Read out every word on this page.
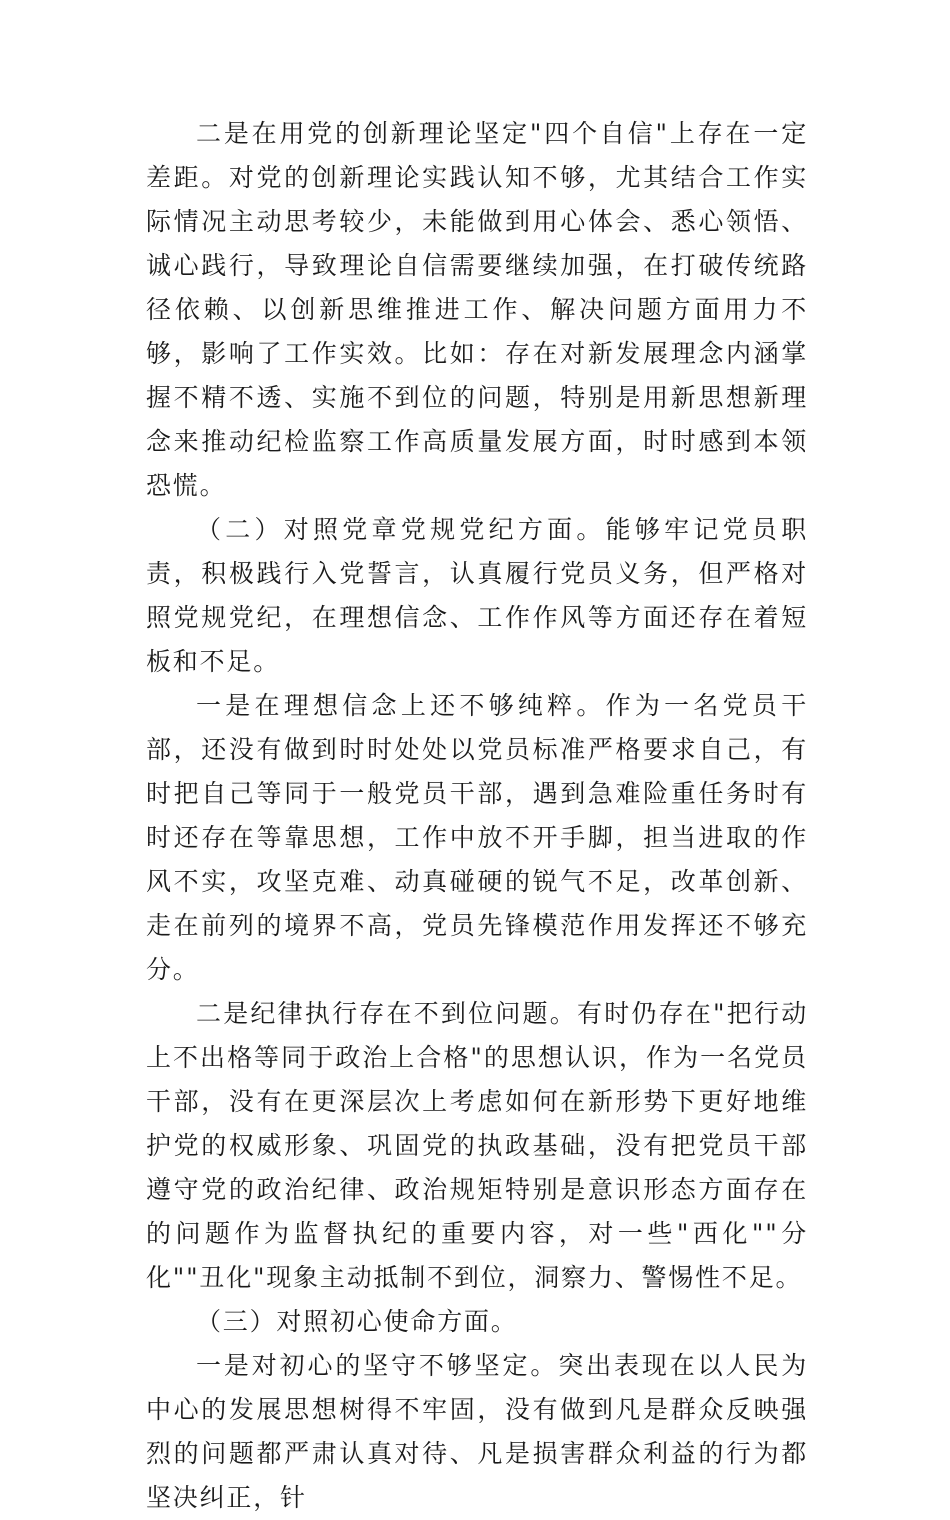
二是在用党的创新理论坚定"四个自信"上存在一定差距。对党的创新理论实践认知不够，尤其结合工作实际情况主动思考较少，未能做到用心体会、悉心领悟、诚心践行，导致理论自信需要继续加强，在打破传统路径依赖、以创新思维推进工作、解决问题方面用力不够，影响了工作实效。比如：存在对新发展理念内涵掌握不精不透、实施不到位的问题，特别是用新思想新理念来推动纪检监察工作高质量发展方面，时时感到本领恐慌。

（二）对照党章党规党纪方面。能够牢记党员职责，积极践行入党誓言，认真履行党员义务，但严格对照党规党纪，在理想信念、工作作风等方面还存在着短板和不足。

一是在理想信念上还不够纯粹。作为一名党员干部，还没有做到时时处处以党员标准严格要求自己，有时把自己等同于一般党员干部，遇到急难险重任务时有时还存在等靠思想，工作中放不开手脚，担当进取的作风不实，攻坚克难、动真碰硬的锐气不足，改革创新、走在前列的境界不高，党员先锋模范作用发挥还不够充分。

二是纪律执行存在不到位问题。有时仍存在"把行动上不出格等同于政治上合格"的思想认识，作为一名党员干部，没有在更深层次上考虑如何在新形势下更好地维护党的权威形象、巩固党的执政基础，没有把党员干部遵守党的政治纪律、政治规矩特别是意识形态方面存在的问题作为监督执纪的重要内容，对一些"西化""分化""丑化"现象主动抵制不到位，洞察力、警惕性不足。

（三）对照初心使命方面。

一是对初心的坚守不够坚定。突出表现在以人民为中心的发展思想树得不牢固，没有做到凡是群众反映强烈的问题都严肃认真对待、凡是损害群众利益的行为都坚决纠正，针
